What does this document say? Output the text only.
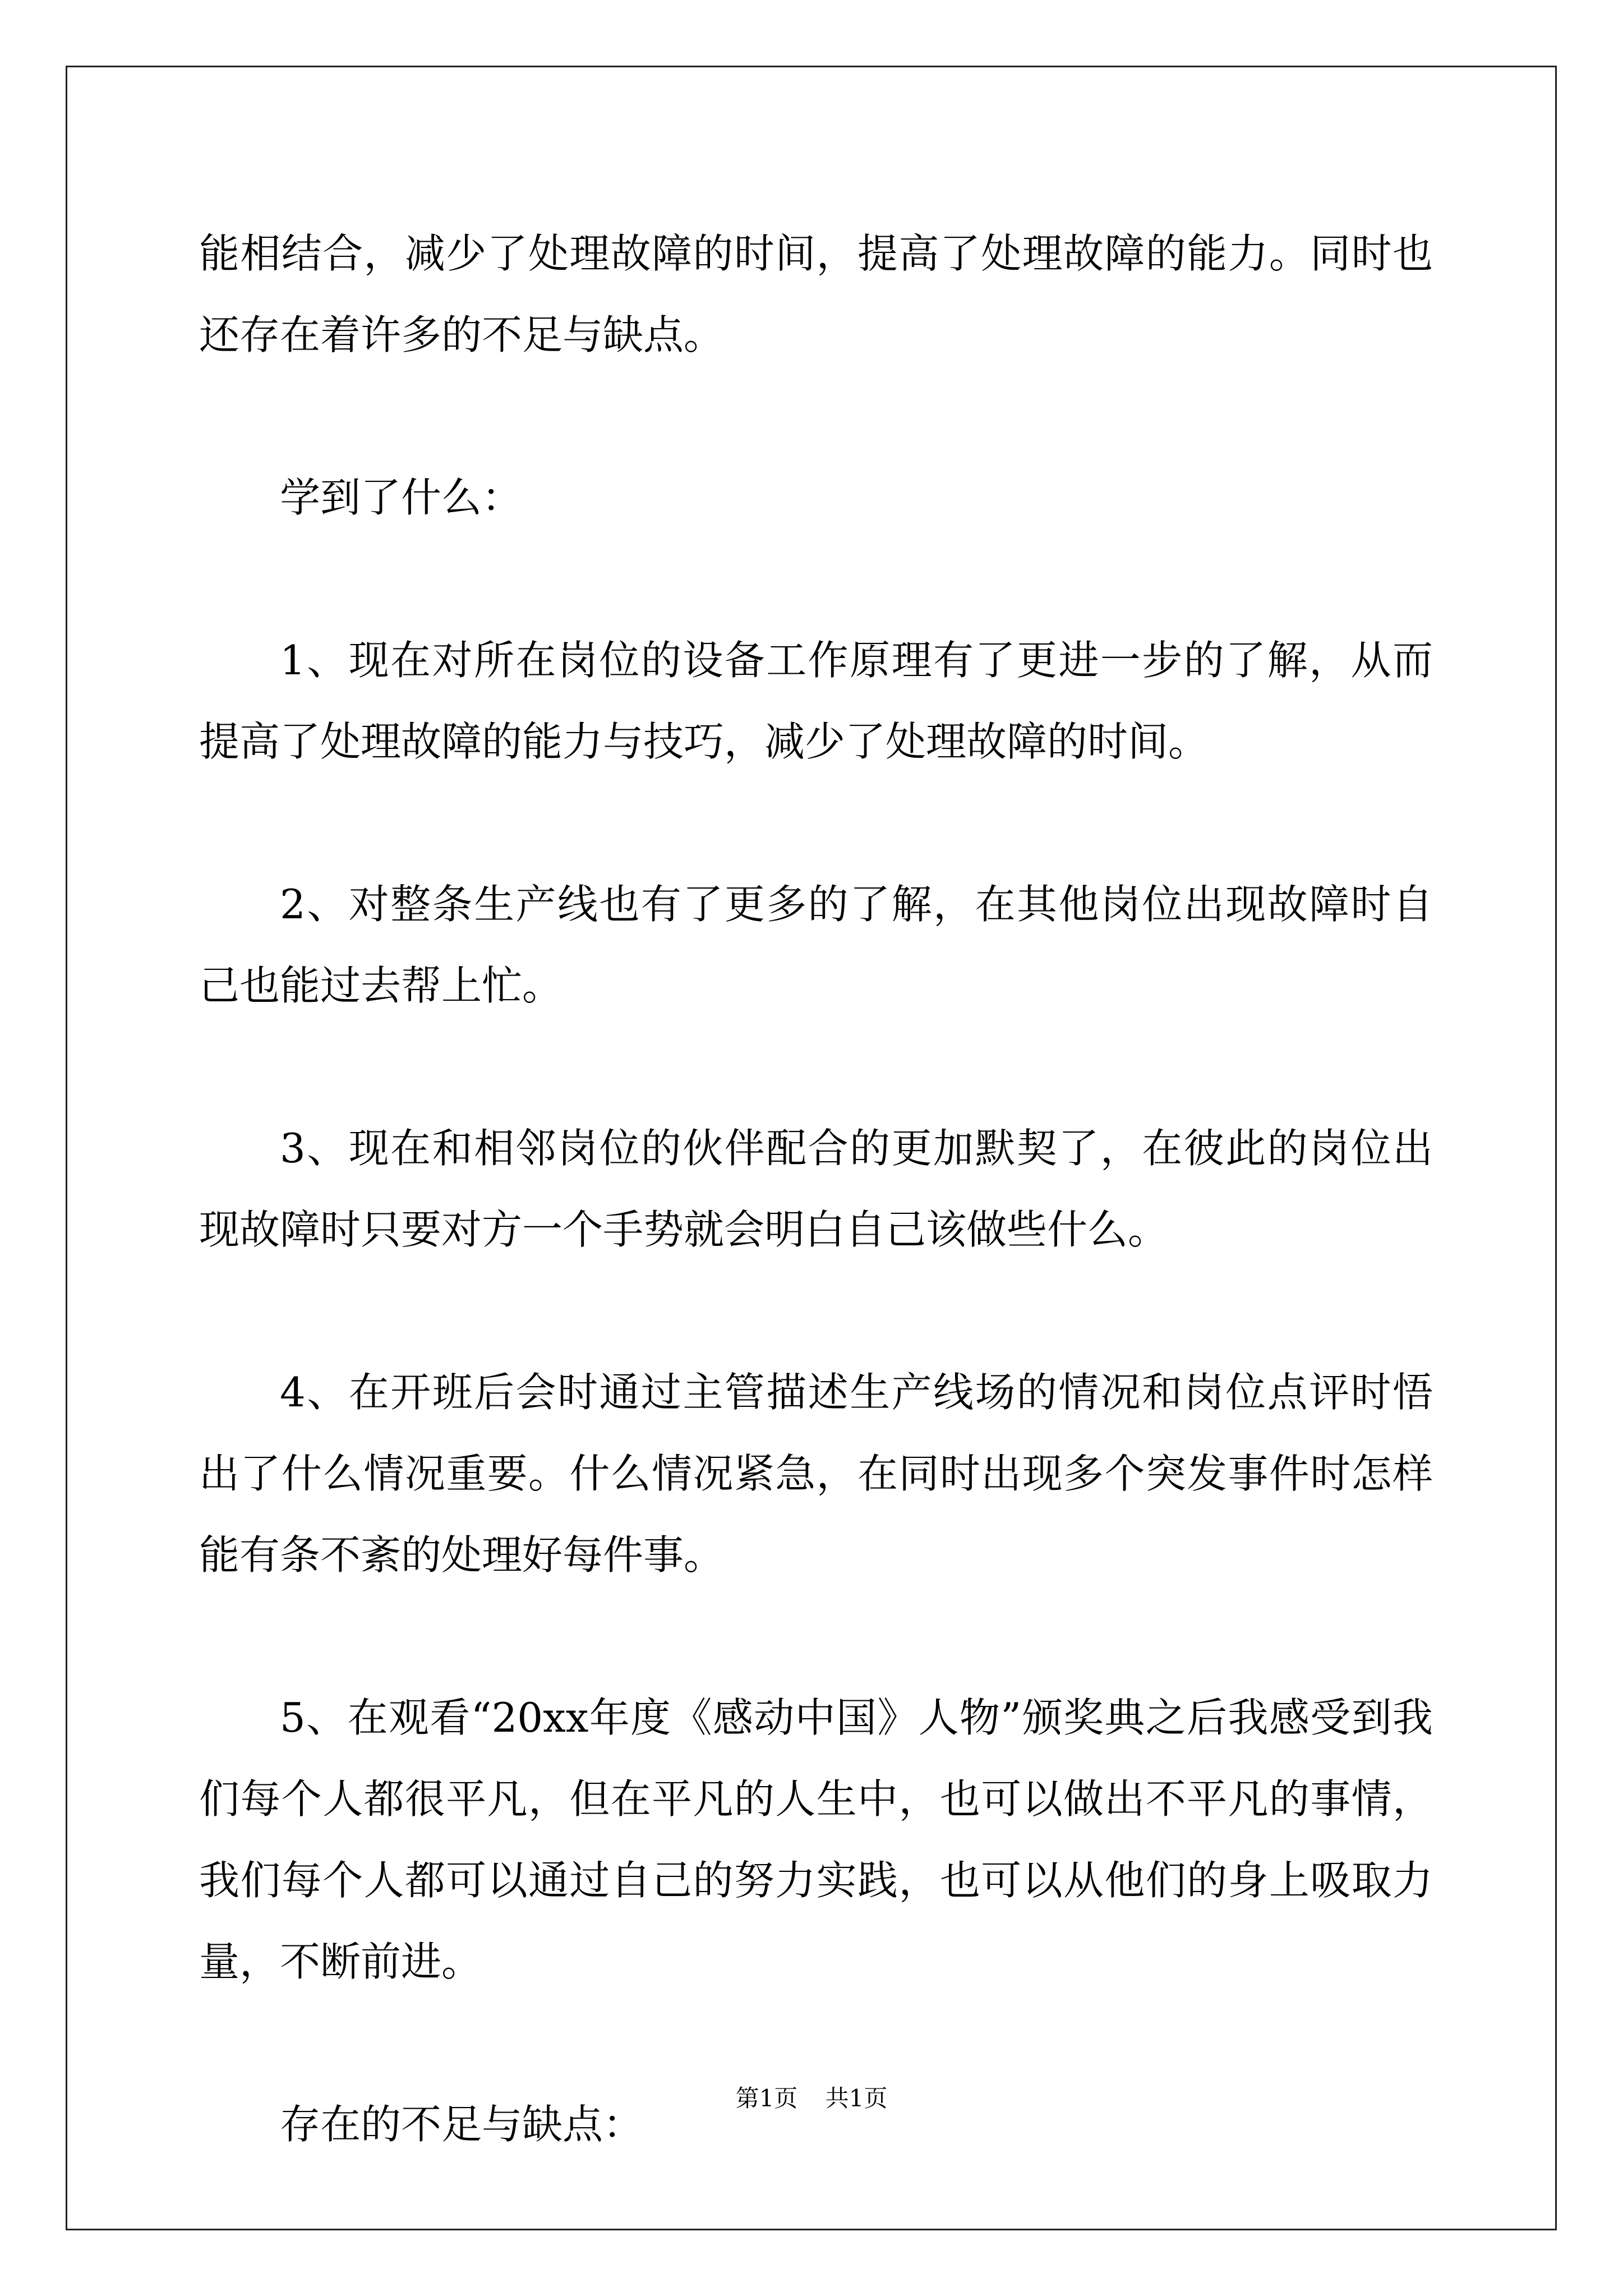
能相结合，减少了处理故障的时间，提高了处理故障的能力。同时也还存在着许多的不足与缺点。

学到了什么：

1、现在对所在岗位的设备工作原理有了更进一步的了解，从而提高了处理故障的能力与技巧，减少了处理故障的时间。

2、对整条生产线也有了更多的了解，在其他岗位出现故障时自己也能过去帮上忙。

3、现在和相邻岗位的伙伴配合的更加默契了，在彼此的岗位出现故障时只要对方一个手势就会明白自己该做些什么。

4、在开班后会时通过主管描述生产线场的情况和岗位点评时悟出了什么情况重要。什么情况紧急，在同时出现多个突发事件时怎样能有条不紊的处理好每件事。

5、在观看“20xx年度《感动中国》人物”颁奖典之后我感受到我们每个人都很平凡，但在平凡的人生中，也可以做出不平凡的事情，我们每个人都可以通过自己的努力实践，也可以从他们的身上吸取力量，不断前进。

存在的不足与缺点：

第1页 共1页
